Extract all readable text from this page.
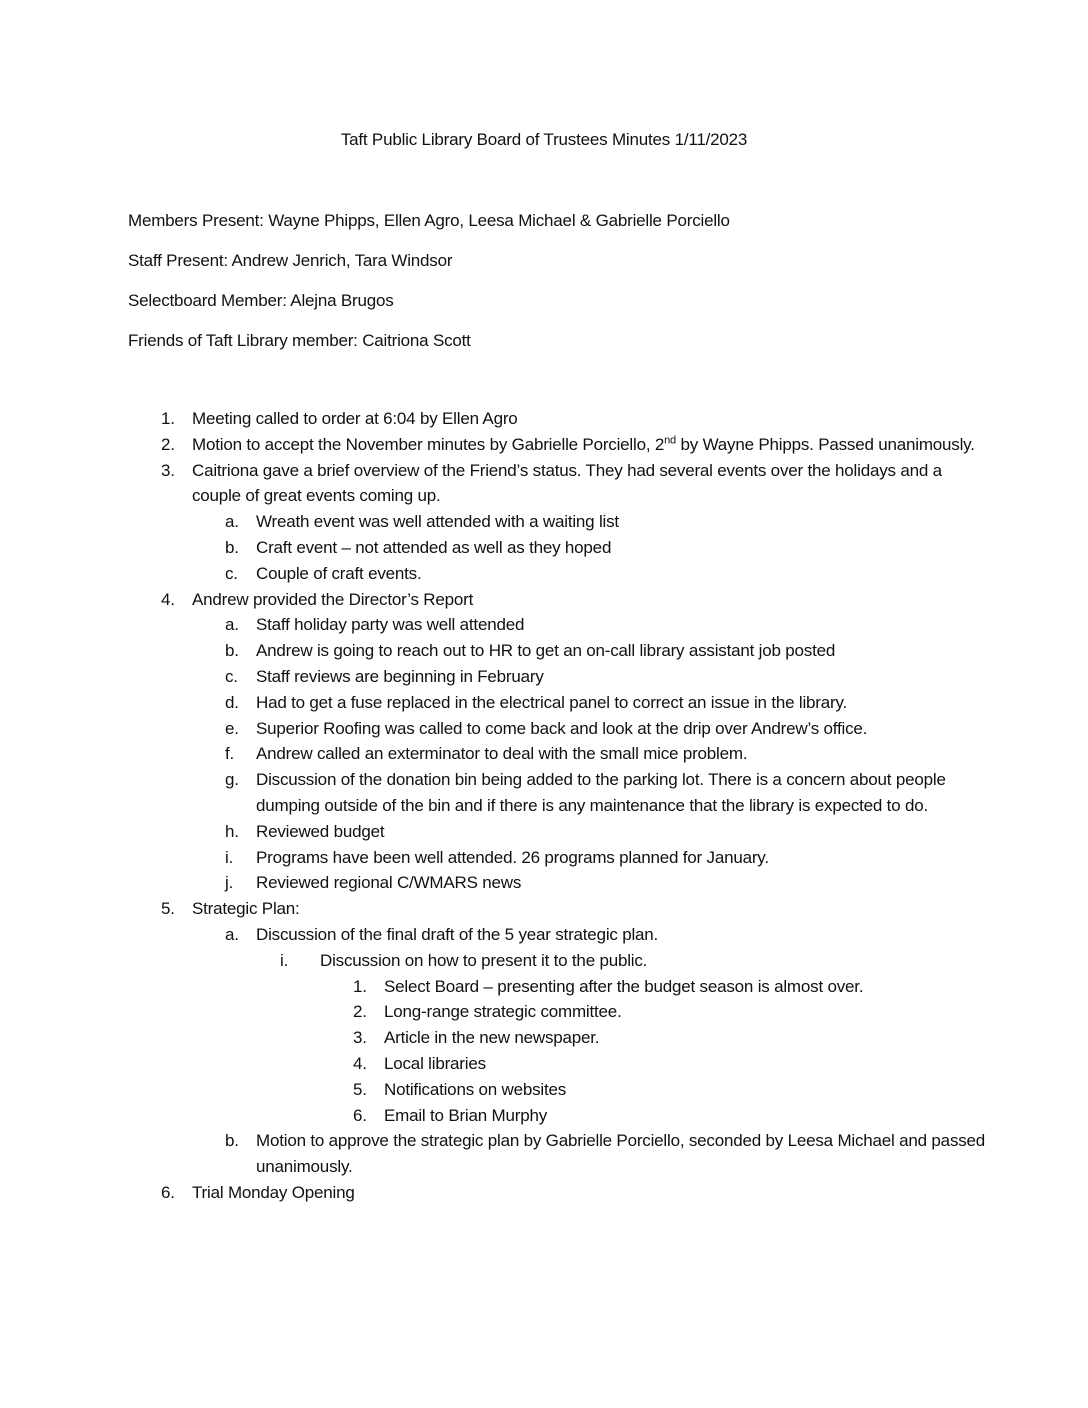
Taft Public Library Board of Trustees Minutes 1/11/2023
Members Present: Wayne Phipps, Ellen Agro, Leesa Michael & Gabrielle Porciello
Staff Present: Andrew Jenrich, Tara Windsor
Selectboard Member: Alejna Brugos
Friends of Taft Library member: Caitriona Scott
1. Meeting called to order at 6:04 by Ellen Agro
2. Motion to accept the November minutes by Gabrielle Porciello, 2nd by Wayne Phipps. Passed unanimously.
3. Caitriona gave a brief overview of the Friend’s status. They had several events over the holidays and a couple of great events coming up.
a. Wreath event was well attended with a waiting list
b. Craft event – not attended as well as they hoped
c. Couple of craft events.
4. Andrew provided the Director’s Report
a. Staff holiday party was well attended
b. Andrew is going to reach out to HR to get an on-call library assistant job posted
c. Staff reviews are beginning in February
d. Had to get a fuse replaced in the electrical panel to correct an issue in the library.
e. Superior Roofing was called to come back and look at the drip over Andrew’s office.
f. Andrew called an exterminator to deal with the small mice problem.
g. Discussion of the donation bin being added to the parking lot. There is a concern about people dumping outside of the bin and if there is any maintenance that the library is expected to do.
h. Reviewed budget
i. Programs have been well attended. 26 programs planned for January.
j. Reviewed regional C/WMARS news
5. Strategic Plan:
a. Discussion of the final draft of the 5 year strategic plan.
i. Discussion on how to present it to the public.
1. Select Board – presenting after the budget season is almost over.
2. Long-range strategic committee.
3. Article in the new newspaper.
4. Local libraries
5. Notifications on websites
6. Email to Brian Murphy
b. Motion to approve the strategic plan by Gabrielle Porciello, seconded by Leesa Michael and passed unanimously.
6. Trial Monday Opening
